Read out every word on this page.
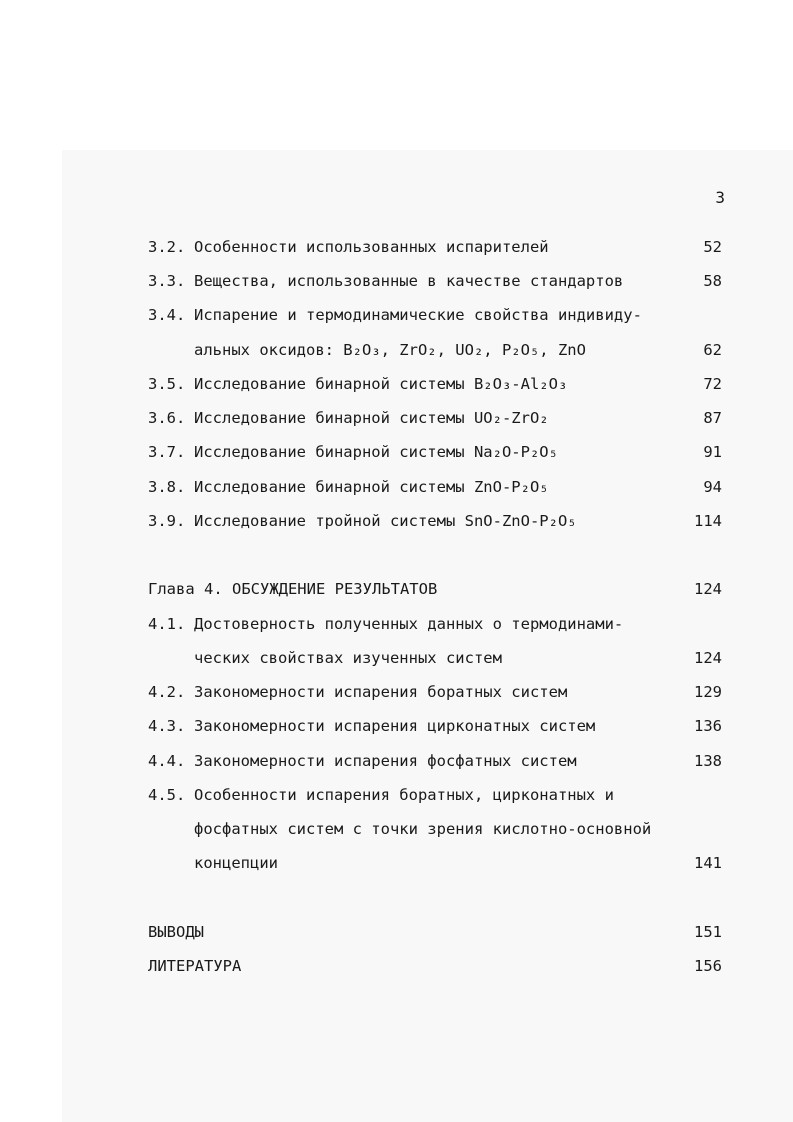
3
3.2. Особенности использованных испарителей	52
3.3. Вещества, использованные в качестве стандартов	58
3.4. Испарение и термодинамические свойства индивиду-
альных оксидов: B₂O₃, ZrO₂, UO₂, P₂O₅, ZnO	62
3.5. Исследование бинарной системы B₂O₃-Al₂O₃	72
3.6. Исследование бинарной системы UO₂-ZrO₂	87
3.7. Исследование бинарной системы Na₂O-P₂O₅	91
3.8. Исследование бинарной системы ZnO-P₂O₅	94
3.9. Исследование тройной системы SnO-ZnO-P₂O₅	114
Глава 4. ОБСУЖДЕНИЕ РЕЗУЛЬТАТОВ	124
4.1. Достоверность полученных данных о термодинами-
ческих свойствах изученных систем	124
4.2. Закономерности испарения боратных систем	129
4.3. Закономерности испарения цирконатных систем	136
4.4. Закономерности испарения фосфатных систем	138
4.5. Особенности испарения боратных, цирконатных и
фосфатных систем с точки зрения кислотно-основной
концепции	141
ВЫВОДЫ	151
ЛИТЕРАТУРА	156
